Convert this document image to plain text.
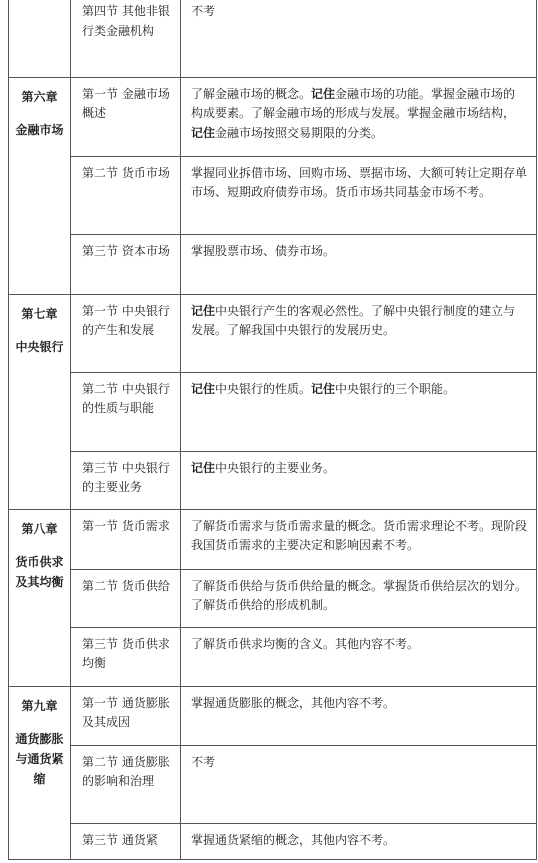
	第四节 其他非银行类金融机构	不考

第六章
金融市场	第一节 金融市场概述	了解金融市场的概念。记住金融市场的功能。掌握金融市场的构成要素。了解金融市场的形成与发展。掌握金融市场结构，记住金融市场按照交易期限的分类。
	第二节 货币市场	掌握同业拆借市场、回购市场、票据市场、大额可转让定期存单市场、短期政府债券市场。货币市场共同基金市场不考。
	第三节 资本市场	掌握股票市场、债券市场。

第七章
中央银行	第一节 中央银行的产生和发展	记住中央银行产生的客观必然性。了解中央银行制度的建立与发展。了解我国中央银行的发展历史。
	第二节 中央银行的性质与职能	记住中央银行的性质。记住中央银行的三个职能。
	第三节 中央银行的主要业务	记住中央银行的主要业务。

第八章
货币供求及其均衡	第一节 货币需求	了解货币需求与货币需求量的概念。货币需求理论不考。现阶段我国货币需求的主要决定和影响因素不考。
	第二节 货币供给	了解货币供给与货币供给量的概念。掌握货币供给层次的划分。了解货币供给的形成机制。
	第三节 货币供求均衡	了解货币供求均衡的含义。其他内容不考。

第九章
通货膨胀与通货紧缩	第一节 通货膨胀及其成因	掌握通货膨胀的概念，其他内容不考。
	第二节 通货膨胀的影响和治理	不考
	第三节 通货紧	掌握通货紧缩的概念，其他内容不考。
